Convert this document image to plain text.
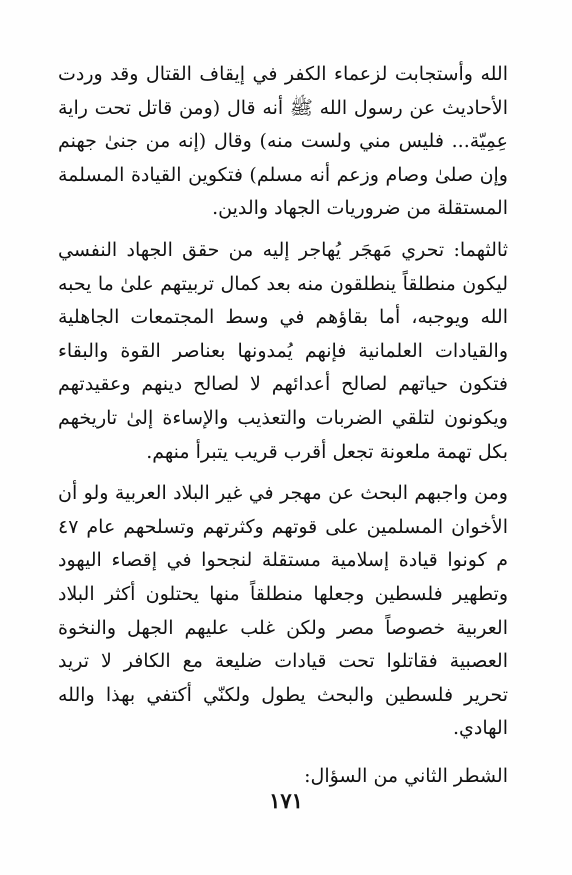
الله وأستجابت لزعماء الكفر في إيقاف القتال وقد وردت الأحاديث عن رسول الله ﷺ أنه قال (ومن قاتل تحت راية عِمِيّة... فليس مني ولست منه) وقال (إنه من جنىٰ جهنم وإن صلىٰ وصام وزعم أنه مسلم) فتكوين القيادة المسلمة المستقلة من ضروريات الجهاد والدين.

ثالثهما: تحري مَهجَر يُهاجر إليه من حقق الجهاد النفسي ليكون منطلقاً ينطلقون منه بعد كمال تربيتهم علىٰ ما يحبه الله ويوجبه، أما بقاؤهم في وسط المجتمعات الجاهلية والقيادات العلمانية فإنهم يُمدونها بعناصر القوة والبقاء فتكون حياتهم لصالح أعدائهم لا لصالح دينهم وعقيدتهم ويكونون لتلقي الضربات والتعذيب والإساءة إلىٰ تاريخهم بكل تهمة ملعونة تجعل أقرب قريب يتبرأ منهم.

ومن واجبهم البحث عن مهجر في غير البلاد العربية ولو أن الأخوان المسلمين على قوتهم وكثرتهم وتسلحهم عام ٤٧ م كونوا قيادة إسلامية مستقلة لنجحوا في إقصاء اليهود وتطهير فلسطين وجعلها منطلقاً منها يحتلون أكثر البلاد العربية خصوصاً مصر ولكن غلب عليهم الجهل والنخوة العصبية فقاتلوا تحت قيادات ضليعة مع الكافر لا تريد تحرير فلسطين والبحث يطول ولكنّي أكتفي بهذا والله الهادي.

الشطر الثاني من السؤال:

١٧١
